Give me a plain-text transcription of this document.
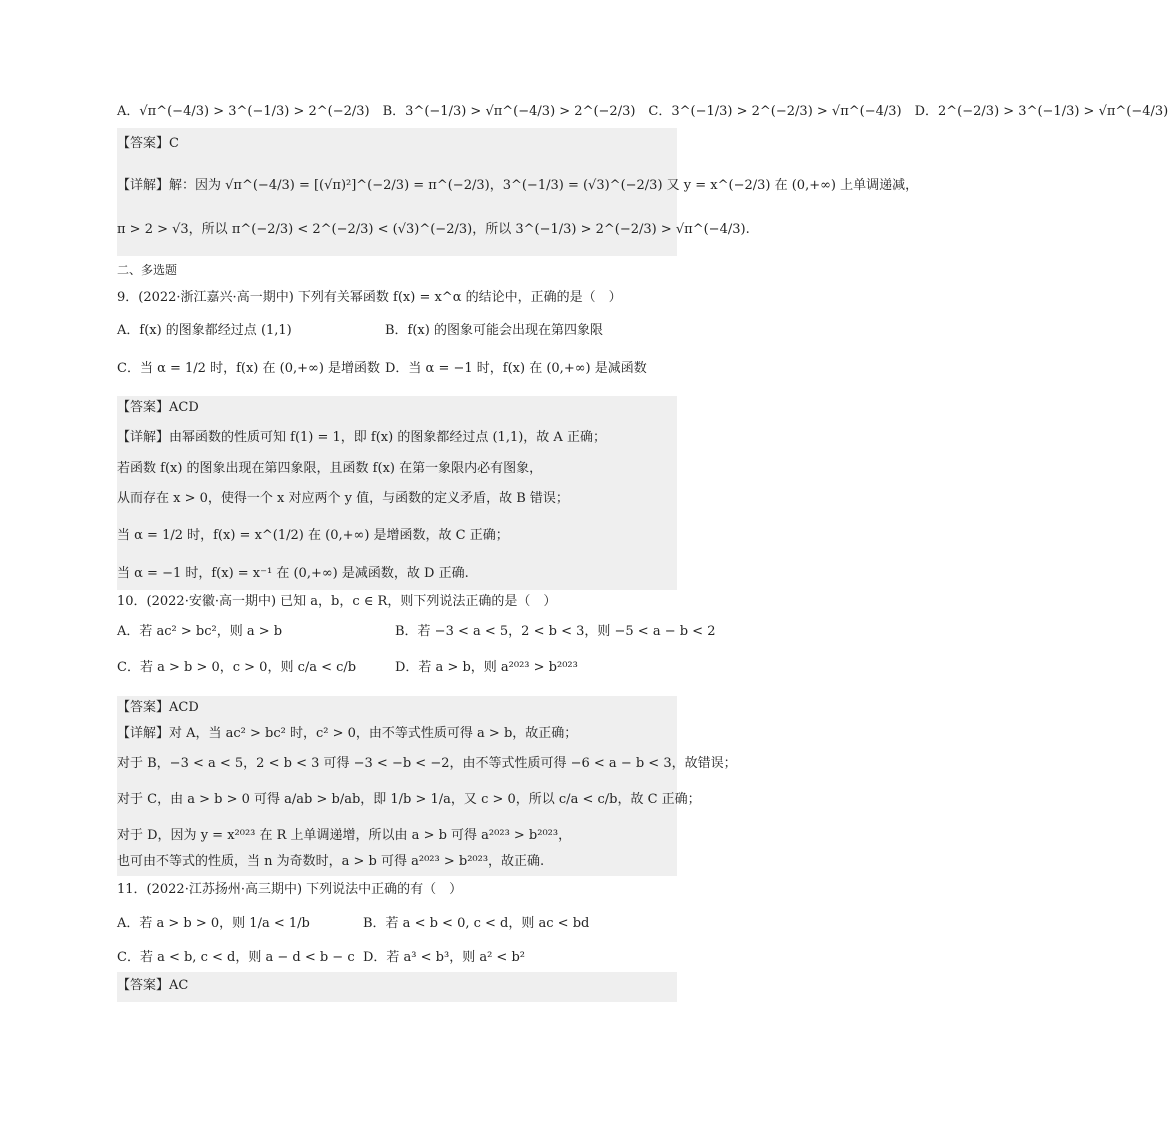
A．√π^(−4/3) > 3^(−1/3) > 2^(−2/3)　B．3^(−1/3) > √π^(−4/3) > 2^(−2/3)　C．3^(−1/3) > 2^(−2/3) > √π^(−4/3)　D．2^(−2/3) > 3^(−1/3) > √π^(−4/3)
【答案】C
【详解】解：因为 √π^(−4/3) = [(√π)²]^(−2/3) = π^(−2/3)，3^(−1/3) = (√3)^(−2/3) 又 y = x^(−2/3) 在 (0,+∞) 上单调递减，
π > 2 > √3，所以 π^(−2/3) < 2^(−2/3) < (√3)^(−2/3)，所以 3^(−1/3) > 2^(−2/3) > √π^(−4/3).
二、多选题
9．(2022·浙江嘉兴·高一期中) 下列有关幂函数 f(x) = x^α 的结论中，正确的是（　）
A．f(x) 的图象都经过点 (1,1)	B．f(x) 的图象可能会出现在第四象限
C．当 α = 1/2 时，f(x) 在 (0,+∞) 是增函数 D．当 α = −1 时，f(x) 在 (0,+∞) 是减函数
【答案】ACD
【详解】由幂函数的性质可知 f(1) = 1，即 f(x) 的图象都经过点 (1,1)，故 A 正确；
若函数 f(x) 的图象出现在第四象限，且函数 f(x) 在第一象限内必有图象，
从而存在 x > 0，使得一个 x 对应两个 y 值，与函数的定义矛盾，故 B 错误；
当 α = 1/2 时，f(x) = x^(1/2) 在 (0,+∞) 是增函数，故 C 正确；
当 α = −1 时，f(x) = x⁻¹ 在 (0,+∞) 是减函数，故 D 正确.
10．(2022·安徽·高一期中) 已知 a，b，c ∈ R，则下列说法正确的是（　）
A．若 ac² > bc²，则 a > b	B．若 −3 < a < 5，2 < b < 3，则 −5 < a − b < 2
C．若 a > b > 0，c > 0，则 c/a < c/b	D．若 a > b，则 a²⁰²³ > b²⁰²³
【答案】ACD
【详解】对 A，当 ac² > bc² 时，c² > 0，由不等式性质可得 a > b，故正确；
对于 B，−3 < a < 5，2 < b < 3 可得 −3 < −b < −2，由不等式性质可得 −6 < a − b < 3，故错误；
对于 C，由 a > b > 0 可得 a/ab > b/ab，即 1/b > 1/a，又 c > 0，所以 c/a < c/b，故 C 正确；
对于 D，因为 y = x²⁰²³ 在 R 上单调递增，所以由 a > b 可得 a²⁰²³ > b²⁰²³，
也可由不等式的性质，当 n 为奇数时，a > b 可得 a²⁰²³ > b²⁰²³，故正确.
11．(2022·江苏扬州·高三期中) 下列说法中正确的有（　）
A．若 a > b > 0，则 1/a < 1/b	B．若 a < b < 0, c < d，则 ac < bd
C．若 a < b, c < d，则 a − d < b − c D．若 a³ < b³，则 a² < b²
【答案】AC
